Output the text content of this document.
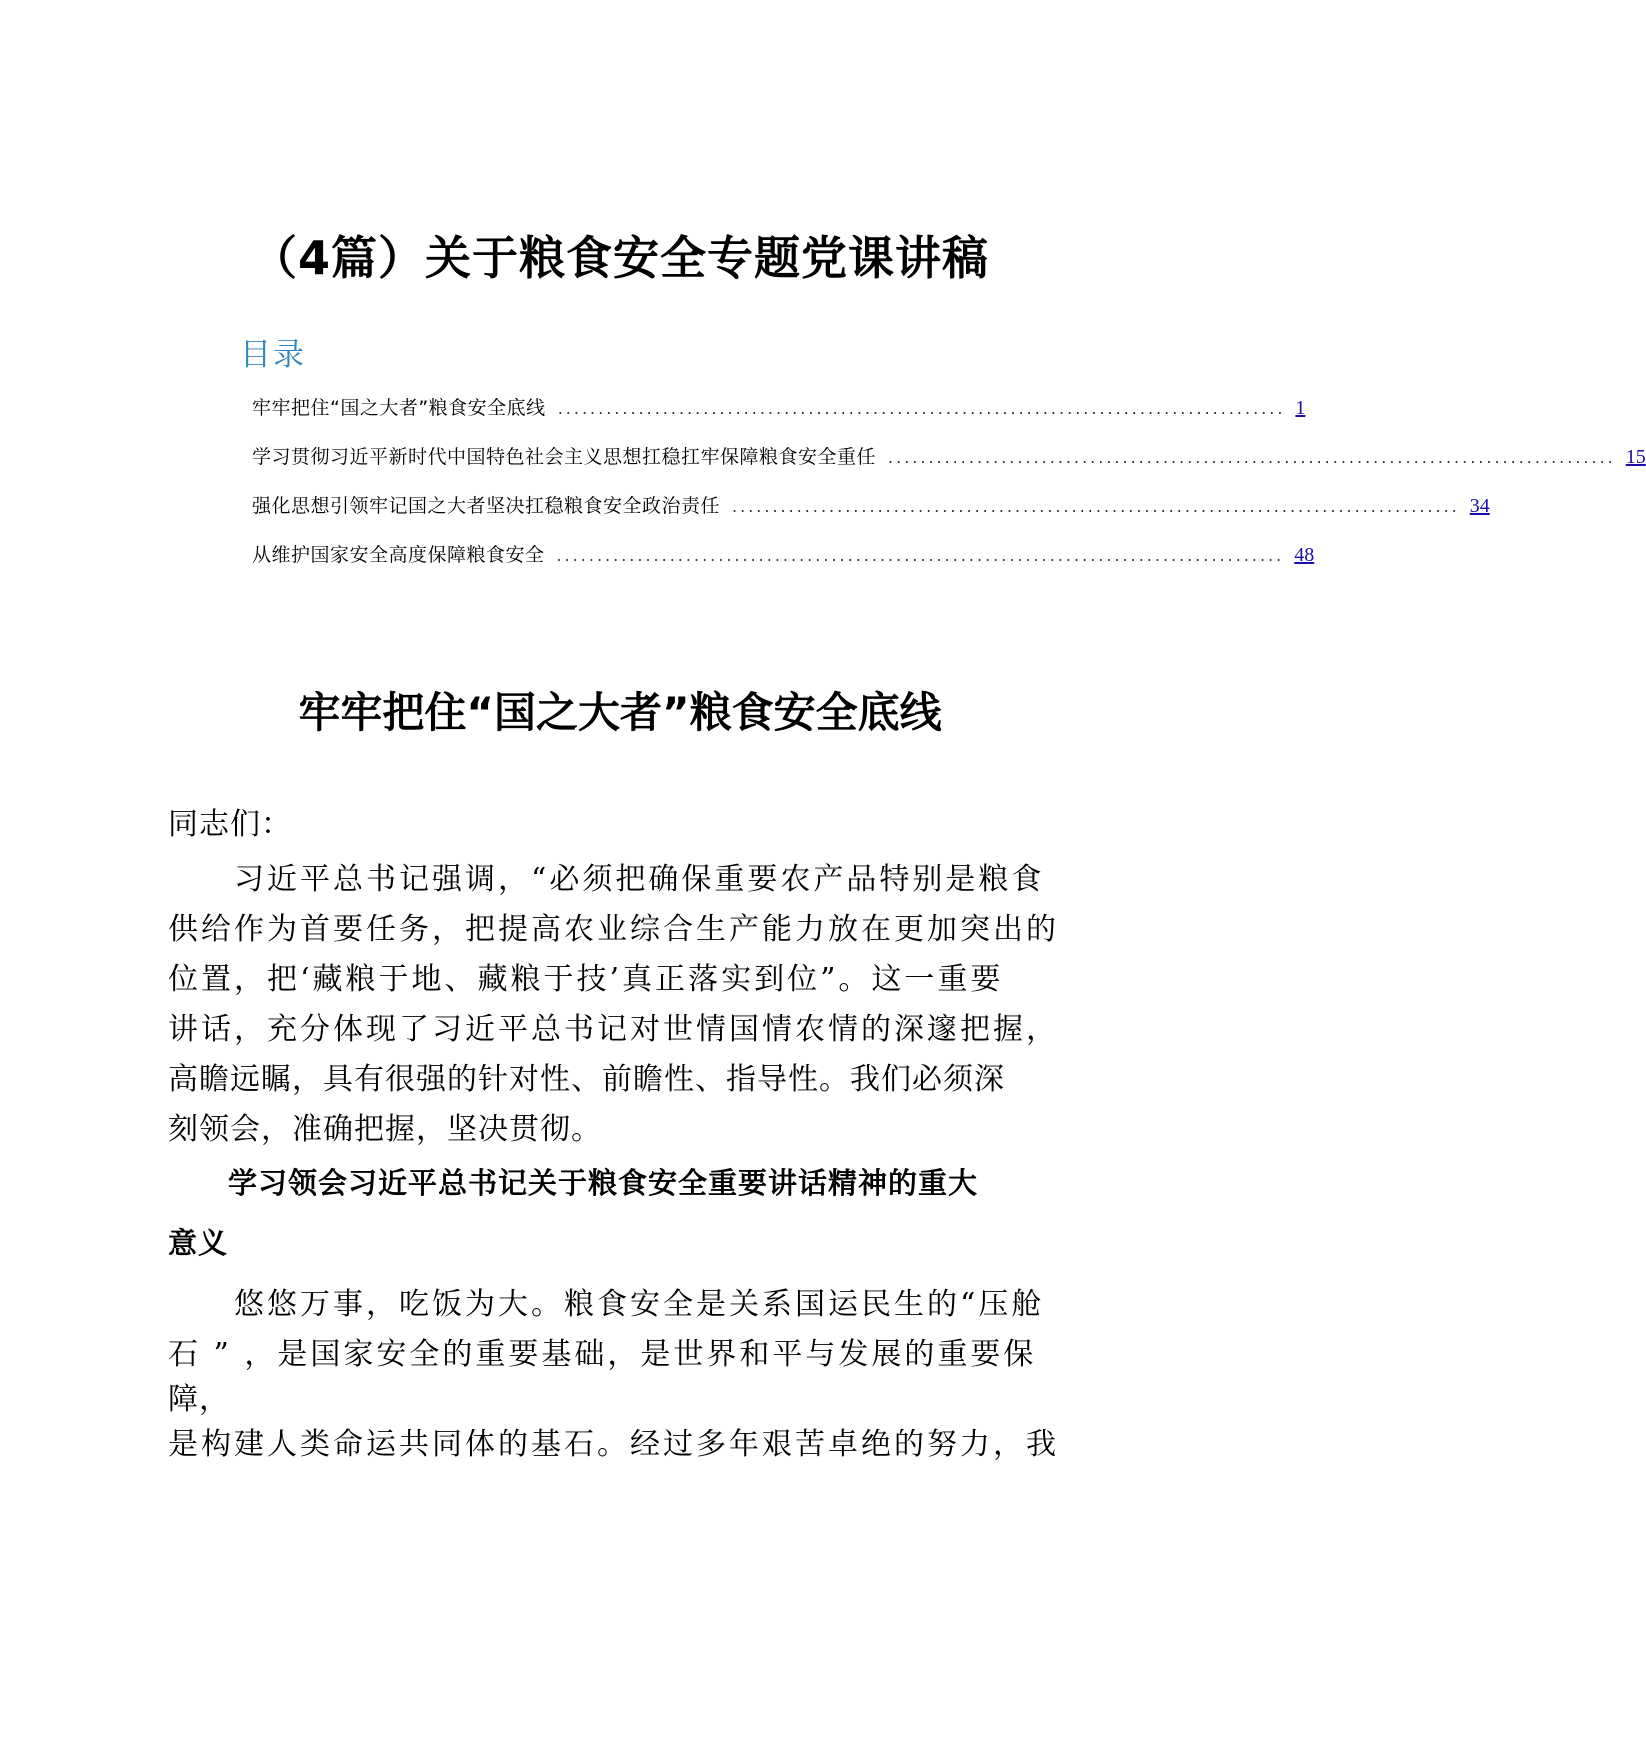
（4篇）关于粮食安全专题党课讲稿
目录
牢牢把住“国之大者”粮食安全底线 .......................................................................................... 1
学习贯彻习近平新时代中国特色社会主义思想扛稳扛牢保障粮食安全重任 .......................................................................................... 15
强化思想引领牢记国之大者坚决扛稳粮食安全政治责任 .......................................................................................... 34
从维护国家安全高度保障粮食安全 .......................................................................................... 48
牢牢把住“国之大者”粮食安全底线
同志们：
　　习近平总书记强调，“必须把确保重要农产品特别是粮食
供给作为首要任务，把提高农业综合生产能力放在更加突出的
位置，把‘藏粮于地、藏粮于技’真正落实到位”。这一重要
讲话，充分体现了习近平总书记对世情国情农情的深邃把握，
高瞻远瞩，具有很强的针对性、前瞻性、指导性。我们必须深
刻领会，准确把握，坚决贯彻。
　　学习领会习近平总书记关于粮食安全重要讲话精神的重大
意义
　　悠悠万事，吃饭为大。粮食安全是关系国运民生的“压舱
石 ” ，是国家安全的重要基础，是世界和平与发展的重要保
障，
是构建人类命运共同体的基石。经过多年艰苦卓绝的努力，我
